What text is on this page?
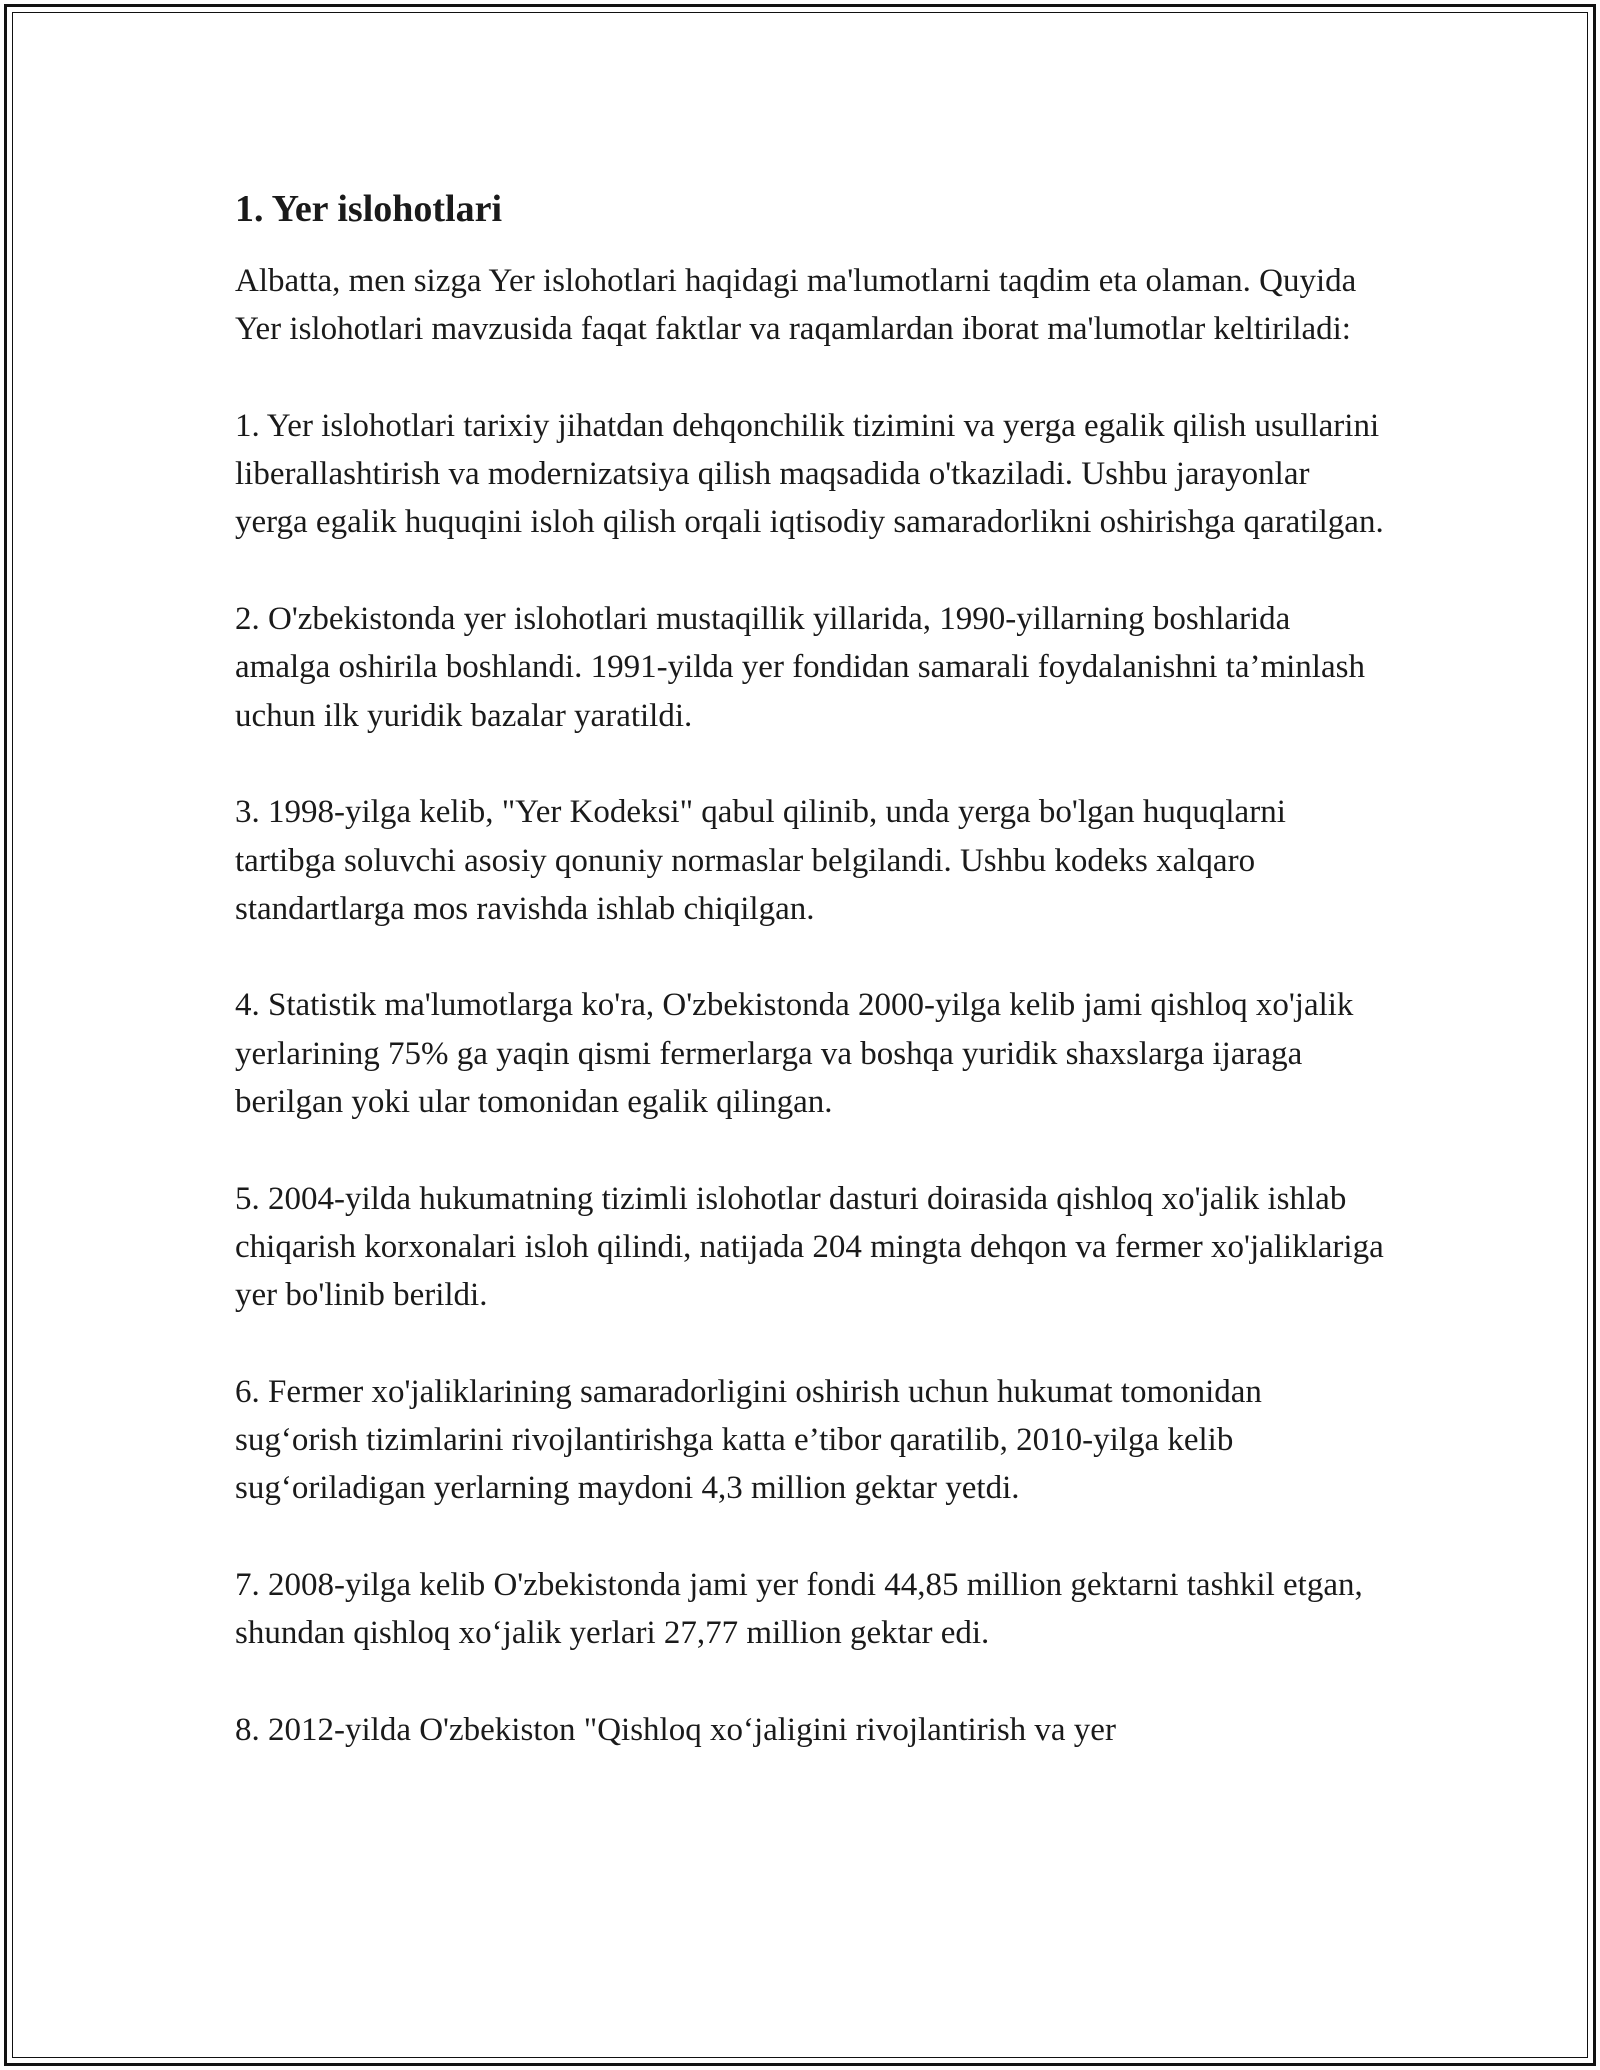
1. Yer islohotlari

Albatta, men sizga Yer islohotlari haqidagi ma'lumotlarni taqdim eta olaman. Quyida Yer islohotlari mavzusida faqat faktlar va raqamlardan iborat ma'lumotlar keltiriladi:

1. Yer islohotlari tarixiy jihatdan dehqonchilik tizimini va yerga egalik qilish usullarini liberallashtirish va modernizatsiya qilish maqsadida o'tkaziladi. Ushbu jarayonlar yerga egalik huquqini isloh qilish orqali iqtisodiy samaradorlikni oshirishga qaratilgan.

2. O'zbekistonda yer islohotlari mustaqillik yillarida, 1990-yillarning boshlarida amalga oshirila boshlandi. 1991-yilda yer fondidan samarali foydalanishni ta’minlash uchun ilk yuridik bazalar yaratildi.

3. 1998-yilga kelib, "Yer Kodeksi" qabul qilinib, unda yerga bo'lgan huquqlarni tartibga soluvchi asosiy qonuniy normaslar belgilandi. Ushbu kodeks xalqaro standartlarga mos ravishda ishlab chiqilgan.

4. Statistik ma'lumotlarga ko'ra, O'zbekistonda 2000-yilga kelib jami qishloq xo'jalik yerlarining 75% ga yaqin qismi fermerlarga va boshqa yuridik shaxslarga ijaraga berilgan yoki ular tomonidan egalik qilingan.

5. 2004-yilda hukumatning tizimli islohotlar dasturi doirasida qishloq xo'jalik ishlab chiqarish korxonalari isloh qilindi, natijada 204 mingta dehqon va fermer xo'jaliklariga yer bo'linib berildi.

6. Fermer xo'jaliklarining samaradorligini oshirish uchun hukumat tomonidan sug‘orish tizimlarini rivojlantirishga katta e’tibor qaratilib, 2010-yilga kelib sug‘oriladigan yerlarning maydoni 4,3 million gektar yetdi.

7. 2008-yilga kelib O'zbekistonda jami yer fondi 44,85 million gektarni tashkil etgan, shundan qishloq xo‘jalik yerlari 27,77 million gektar edi.

8. 2012-yilda O'zbekiston "Qishloq xo‘jaligini rivojlantirish va yer
